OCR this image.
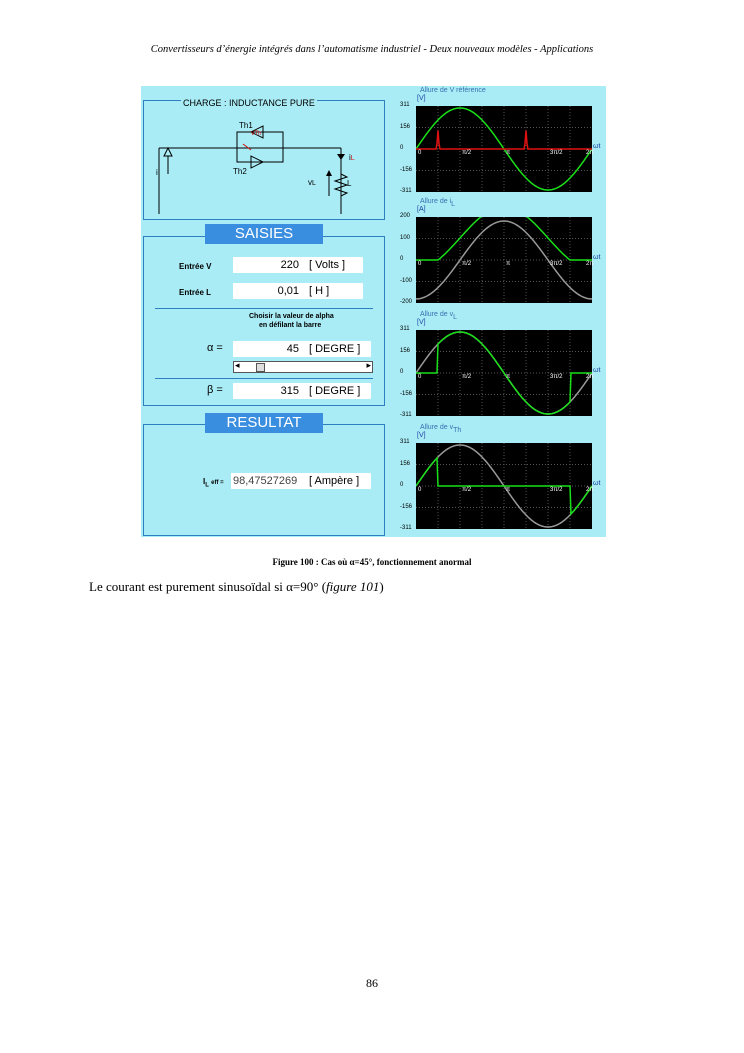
Convertisseurs d’énergie intégrés dans l’automatisme industriel - Deux nouveaux modèles - Applications
CHARGE : INDUCTANCE PURE
Th1
Th2
vTh
i
iL
vL	L
SAISIES
Entrée V	220 [ Volts ]
Entrée L	0,01 [ H ]
Choisir la valeur de alpha
en défilant la barre
α =	45 [ DEGRE ]
◂	▸
β =	315 [ DEGRE ]
RESULTAT
$I_L$ eff = 98,47527269 [ Ampère ]
Allure de V référence
[V]
311
156
0
-156
-311
0	π/2	π	3π/2	2π
ωt
Allure de iL
[A]
200
100
0
-100
-200
0	π/2	π	3π/2	2π
ωt
Allure de vL
[V]
311
156
0
-156
-311
0	π/2	π	3π/2	2π
ωt
Allure de vTh
[V]
311
156
0
-156
-311
0	π/2	π	3π/2	2π
ωt
Figure 100 : Cas où α=45°, fonctionnement anormal
Le courant est purement sinusoïdal si α=90° (figure 101)
86
